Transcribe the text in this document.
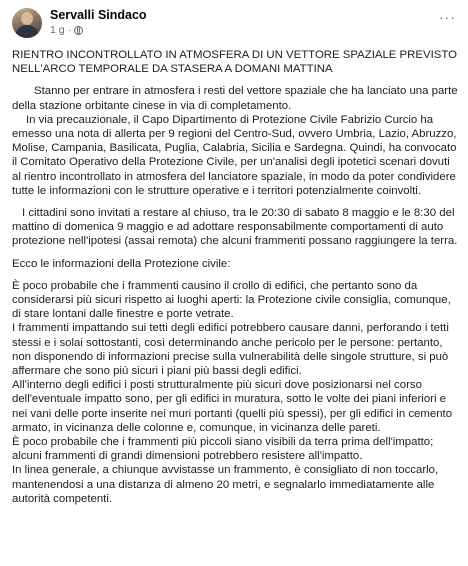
Servalli Sindaco
1 g ·
···

RIENTRO INCONTROLLATO IN ATMOSFERA DI UN VETTORE SPAZIALE PREVISTO NELL'ARCO TEMPORALE DA STASERA A DOMANI MATTINA

Stanno per entrare in atmosfera i resti del vettore spaziale che ha lanciato una parte della stazione orbitante cinese in via di completamento.

In via precauzionale, il Capo Dipartimento di Protezione Civile Fabrizio Curcio ha emesso una nota di allerta per 9 regioni del Centro-Sud, ovvero Umbria, Lazio, Abruzzo, Molise, Campania, Basilicata, Puglia, Calabria, Sicilia e Sardegna. Quindi, ha convocato il Comitato Operativo della Protezione Civile, per un'analisi degli ipotetici scenari dovuti al rientro incontrollato in atmosfera del lanciatore spaziale, in modo da poter condividere tutte le informazioni con le strutture operative e i territori potenzialmente coinvolti.

I cittadini sono invitati a restare al chiuso, tra le 20:30 di sabato 8 maggio e le 8:30 del mattino di domenica 9 maggio e ad adottare responsabilmente comportamenti di auto protezione nell'ipotesi (assai remota) che alcuni frammenti possano raggiungere la terra.

Ecco le informazioni della Protezione civile:

È poco probabile che i frammenti causino il crollo di edifici, che pertanto sono da considerarsi più sicuri rispetto ai luoghi aperti: la Protezione civile consiglia, comunque, di stare lontani dalle finestre e porte vetrate.

I frammenti impattando sui tetti degli edifici potrebbero causare danni, perforando i tetti stessi e i solai sottostanti, così determinando anche pericolo per le persone: pertanto, non disponendo di informazioni precise sulla vulnerabilità delle singole strutture, si può affermare che sono più sicuri i piani più bassi degli edifici.

All'interno degli edifici i posti strutturalmente più sicuri dove posizionarsi nel corso dell'eventuale impatto sono, per gli edifici in muratura, sotto le volte dei piani inferiori e nei vani delle porte inserite nei muri portanti (quelli più spessi), per gli edifici in cemento armato, in vicinanza delle colonne e, comunque, in vicinanza delle pareti.

È poco probabile che i frammenti più piccoli siano visibili da terra prima dell'impatto; alcuni frammenti di grandi dimensioni potrebbero resistere all'impatto.

In linea generale, a chiunque avvistasse un frammento, è consigliato di non toccarlo, mantenendosi a una distanza di almeno 20 metri, e segnalarlo immediatamente alle autorità competenti.
